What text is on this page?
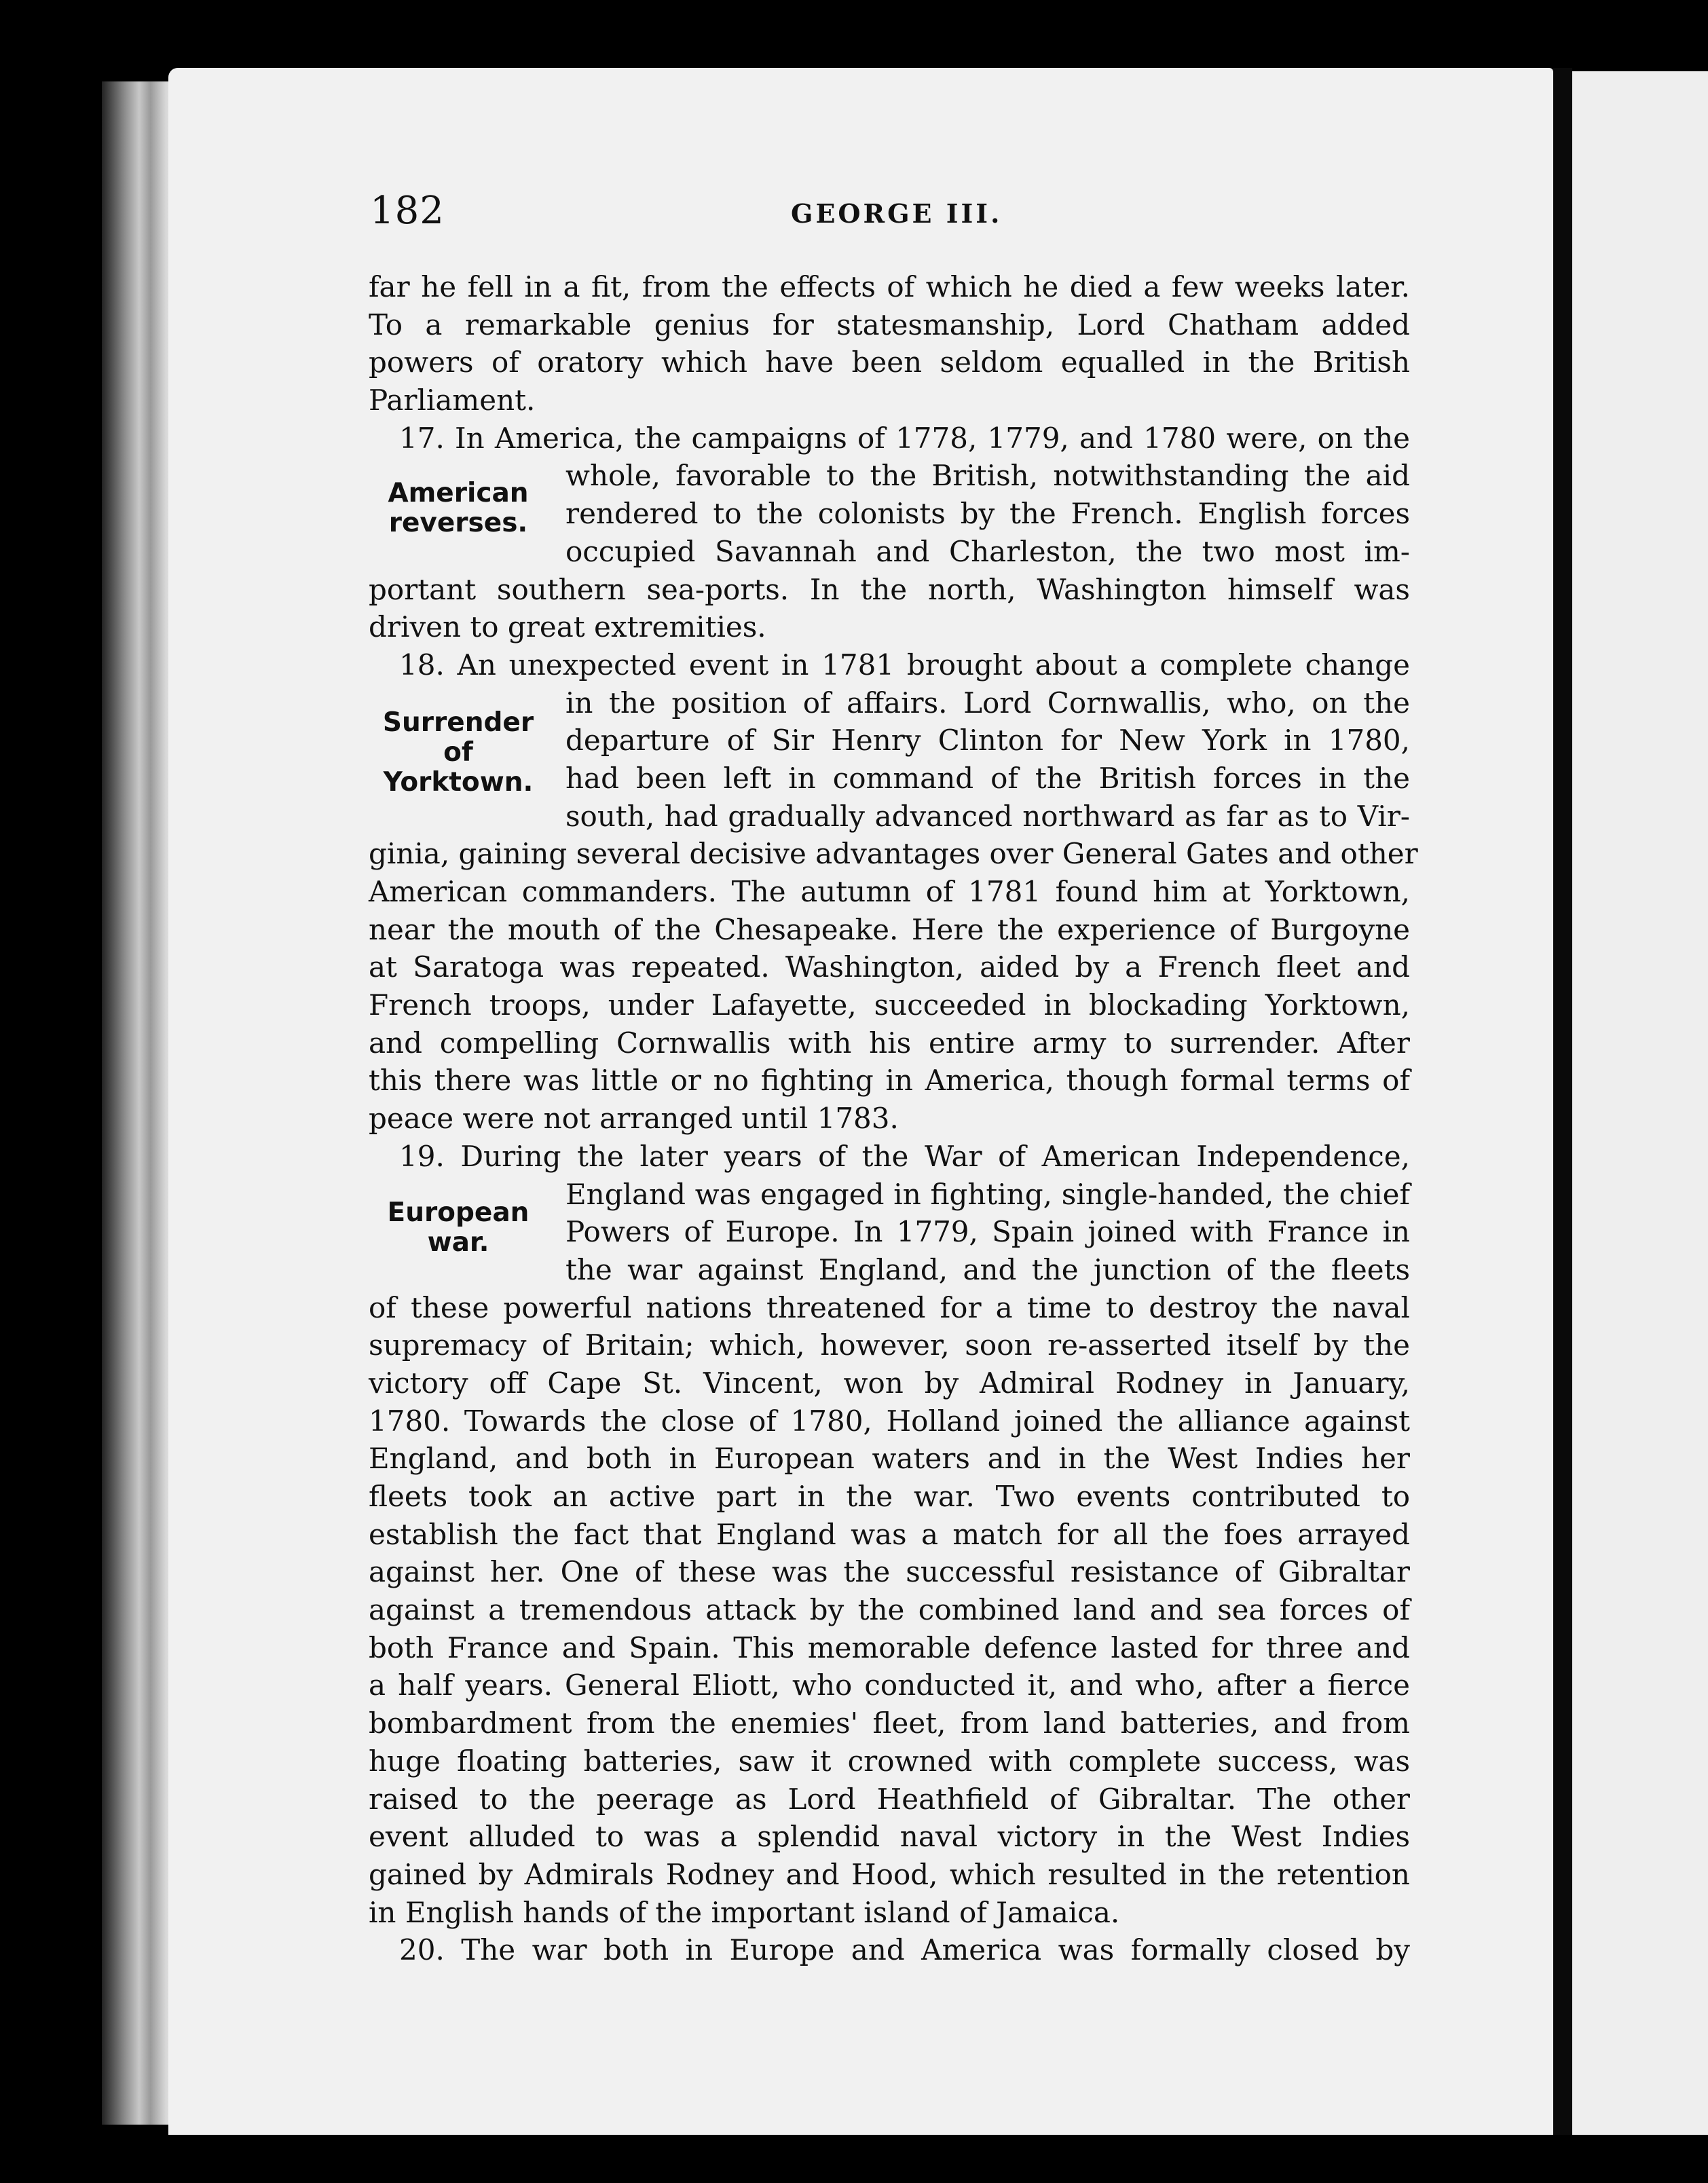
182	GEORGE III.
American
reverses.
Surrender
of
Yorktown.
European
war.
far he fell in a fit, from the effects of which he died a few weeks later.
To a remarkable genius for statesmanship, Lord Chatham added
powers of oratory which have been seldom equalled in the British
Parliament.
17. In America, the campaigns of 1778, 1779, and 1780 were, on the
whole, favorable to the British, notwithstanding the aid
rendered to the colonists by the French. English forces
occupied Savannah and Charleston, the two most im-
portant southern sea-ports. In the north, Washington himself was
driven to great extremities.
18. An unexpected event in 1781 brought about a complete change
in the position of affairs. Lord Cornwallis, who, on the
departure of Sir Henry Clinton for New York in 1780,
had been left in command of the British forces in the
south, had gradually advanced northward as far as to Vir-
ginia, gaining several decisive advantages over General Gates and other
American commanders. The autumn of 1781 found him at Yorktown,
near the mouth of the Chesapeake. Here the experience of Burgoyne
at Saratoga was repeated. Washington, aided by a French fleet and
French troops, under Lafayette, succeeded in blockading Yorktown,
and compelling Cornwallis with his entire army to surrender. After
this there was little or no fighting in America, though formal terms of
peace were not arranged until 1783.
19. During the later years of the War of American Independence,
England was engaged in fighting, single-handed, the chief
Powers of Europe. In 1779, Spain joined with France in
the war against England, and the junction of the fleets
of these powerful nations threatened for a time to destroy the naval
supremacy of Britain; which, however, soon re-asserted itself by the
victory off Cape St. Vincent, won by Admiral Rodney in January,
1780. Towards the close of 1780, Holland joined the alliance against
England, and both in European waters and in the West Indies her
fleets took an active part in the war. Two events contributed to
establish the fact that England was a match for all the foes arrayed
against her. One of these was the successful resistance of Gibraltar
against a tremendous attack by the combined land and sea forces of
both France and Spain. This memorable defence lasted for three and
a half years. General Eliott, who conducted it, and who, after a fierce
bombardment from the enemies' fleet, from land batteries, and from
huge floating batteries, saw it crowned with complete success, was
raised to the peerage as Lord Heathfield of Gibraltar. The other
event alluded to was a splendid naval victory in the West Indies
gained by Admirals Rodney and Hood, which resulted in the retention
in English hands of the important island of Jamaica.
20. The war both in Europe and America was formally closed by
